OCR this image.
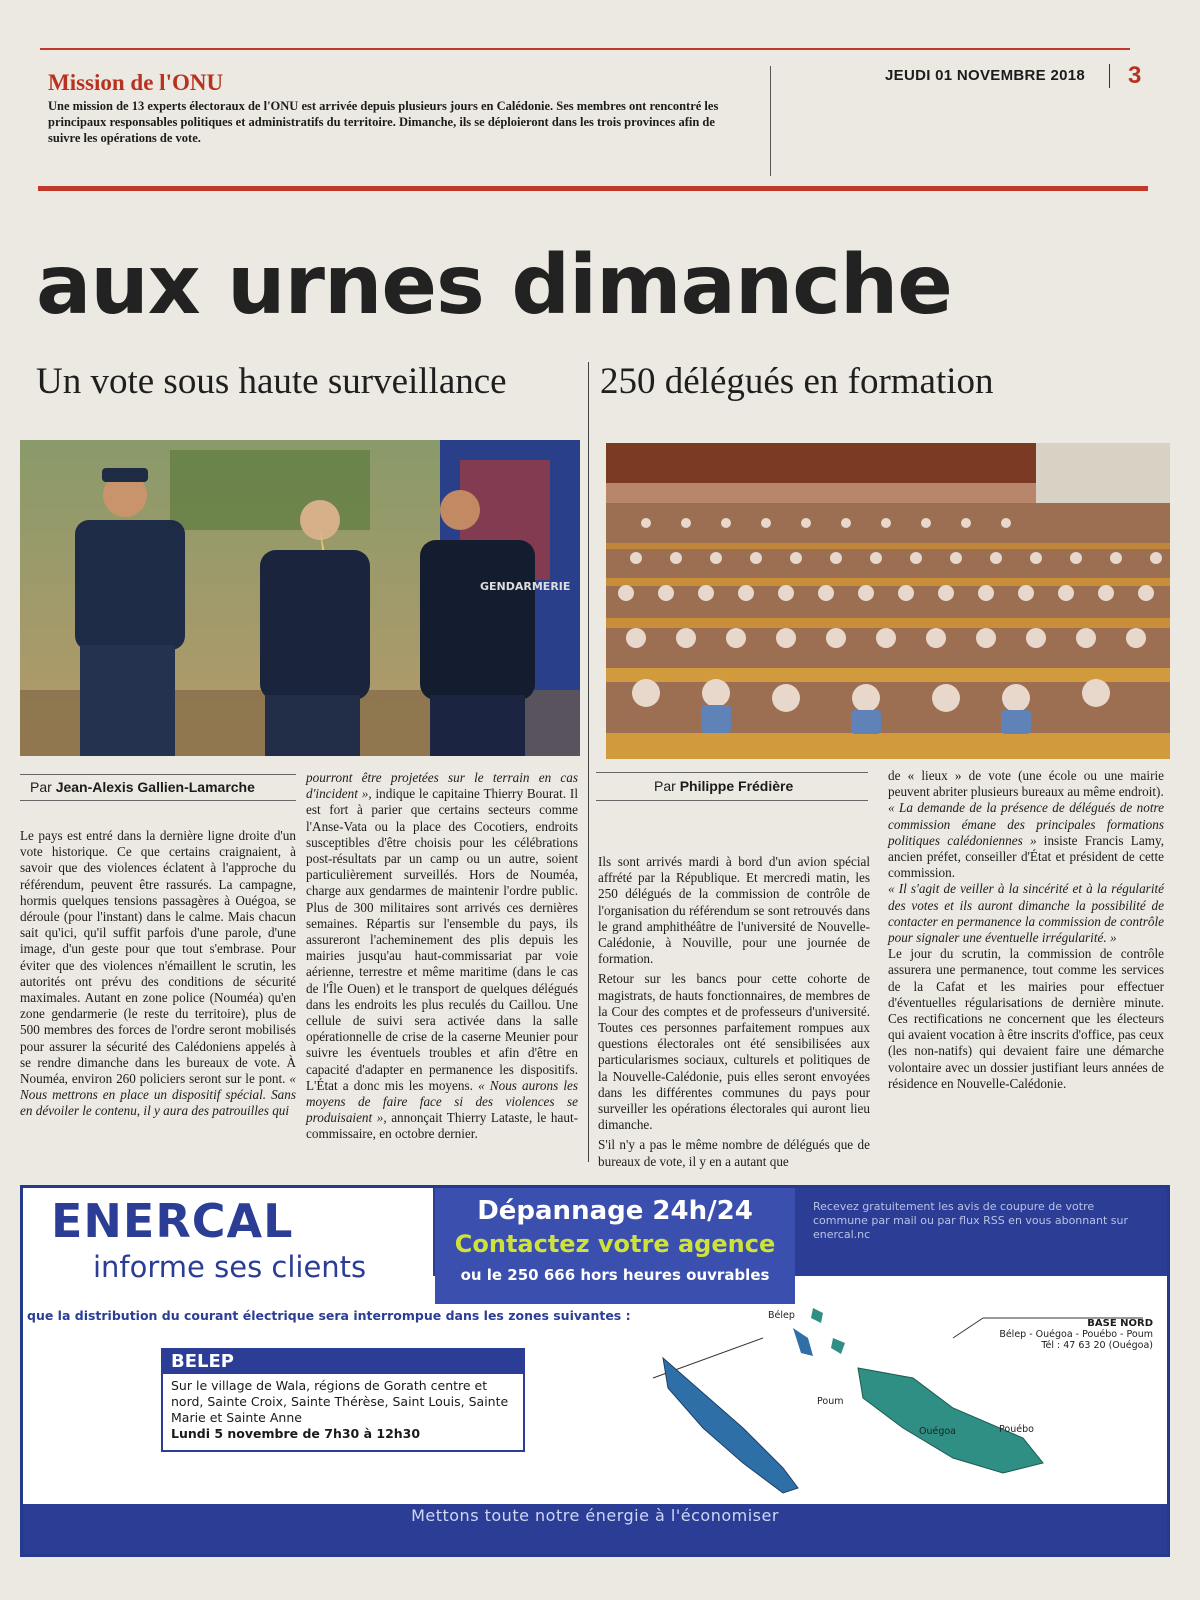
Mission de l'ONU
Une mission de 13 experts électoraux de l'ONU est arrivée depuis plusieurs jours en Calédonie. Ses membres ont rencontré les principaux responsables politiques et administratifs du territoire. Dimanche, ils se déploieront dans les trois provinces afin de suivre les opérations de vote.
JEUDI 01 NOVEMBRE 2018 3
aux urnes dimanche
Un vote sous haute surveillance	250 délégués en formation
GENDARMERIE
Par Jean-Alexis Gallien-Lamarche	Par Philippe Frédière

Le pays est entré dans la dernière ligne droite d'un vote historique. Ce que certains craignaient, à savoir que des violences éclatent à l'approche du référendum, peuvent être rassurés. La campagne, hormis quelques tensions passagères à Ouégoa, se déroule (pour l'instant) dans le calme. Mais chacun sait qu'ici, qu'il suffit parfois d'une parole, d'une image, d'un geste pour que tout s'embrase. Pour éviter que des violences n'émaillent le scrutin, les autorités ont prévu des conditions de sécurité maximales. Autant en zone police (Nouméa) qu'en zone gendarmerie (le reste du territoire), plus de 500 membres des forces de l'ordre seront mobilisés pour assurer la sécurité des Calédoniens appelés à se rendre dimanche dans les bureaux de vote. À Nouméa, environ 260 policiers seront sur le pont. « Nous mettrons en place un dispositif spécial. Sans en dévoiler le contenu, il y aura des patrouilles qui

pourront être projetées sur le terrain en cas d'incident », indique le capitaine Thierry Bourat. Il est fort à parier que certains secteurs comme l'Anse-Vata ou la place des Cocotiers, endroits susceptibles d'être choisis pour les célébrations post-résultats par un camp ou un autre, soient particulièrement surveillés. Hors de Nouméa, charge aux gendarmes de maintenir l'ordre public. Plus de 300 militaires sont arrivés ces dernières semaines. Répartis sur l'ensemble du pays, ils assureront l'acheminement des plis depuis les mairies jusqu'au haut-commissariat par voie aérienne, terrestre et même maritime (dans le cas de l'Île Ouen) et le transport de quelques délégués dans les endroits les plus reculés du Caillou. Une cellule de suivi sera activée dans la salle opérationnelle de crise de la caserne Meunier pour suivre les éventuels troubles et afin d'être en capacité d'adapter en permanence les dispositifs. L'État a donc mis les moyens. « Nous aurons les moyens de faire face si des violences se produisaient », annonçait Thierry Lataste, le haut-commissaire, en octobre dernier.

Ils sont arrivés mardi à bord d'un avion spécial affrété par la République. Et mercredi matin, les 250 délégués de la commission de contrôle de l'organisation du référendum se sont retrouvés dans le grand amphithéâtre de l'université de Nouvelle-Calédonie, à Nouville, pour une journée de formation.

Retour sur les bancs pour cette cohorte de magistrats, de hauts fonctionnaires, de membres de la Cour des comptes et de professeurs d'université. Toutes ces personnes parfaitement rompues aux questions électorales ont été sensibilisées aux particularismes sociaux, culturels et politiques de la Nouvelle-Calédonie, puis elles seront envoyées dans les différentes communes du pays pour surveiller les opérations électorales qui auront lieu dimanche.

S'il n'y a pas le même nombre de délégués que de bureaux de vote, il y en a autant que

de « lieux » de vote (une école ou une mairie peuvent abriter plusieurs bureaux au même endroit).

« La demande de la présence de délégués de notre commission émane des principales formations politiques calédoniennes » insiste Francis Lamy, ancien préfet, conseiller d'État et président de cette commission.

« Il s'agit de veiller à la sincérité et à la régularité des votes et ils auront dimanche la possibilité de contacter en permanence la commission de contrôle pour signaler une éventuelle irrégularité. »

Le jour du scrutin, la commission de contrôle assurera une permanence, tout comme les services de la Cafat et les mairies pour effectuer d'éventuelles régularisations de dernière minute. Ces rectifications ne concernent que les électeurs qui avaient vocation à être inscrits d'office, pas ceux (les non-natifs) qui devaient faire une démarche volontaire avec un dossier justifiant leurs années de résidence en Nouvelle-Calédonie.

ENERCAL
informe ses clients
Dépannage 24h/24
Contactez votre agence
ou le 250 666 hors heures ouvrables
Recevez gratuitement les avis de coupure de votre commune par mail ou par flux RSS en vous abonnant sur enercal.nc
que la distribution du courant électrique sera interrompue dans les zones suivantes :
BELEP
Sur le village de Wala, régions de Gorath centre et nord, Sainte Croix, Sainte Thérèse, Saint Louis, Sainte Marie et Sainte Anne
Lundi 5 novembre de 7h30 à 12h30
BASE NORD
Bélep - Ouégoa - Pouébo - Poum
Tél : 47 63 20 (Ouégoa)
Bélep
Poum
Ouégoa	Pouébo
Mettons toute notre énergie à l'économiser
